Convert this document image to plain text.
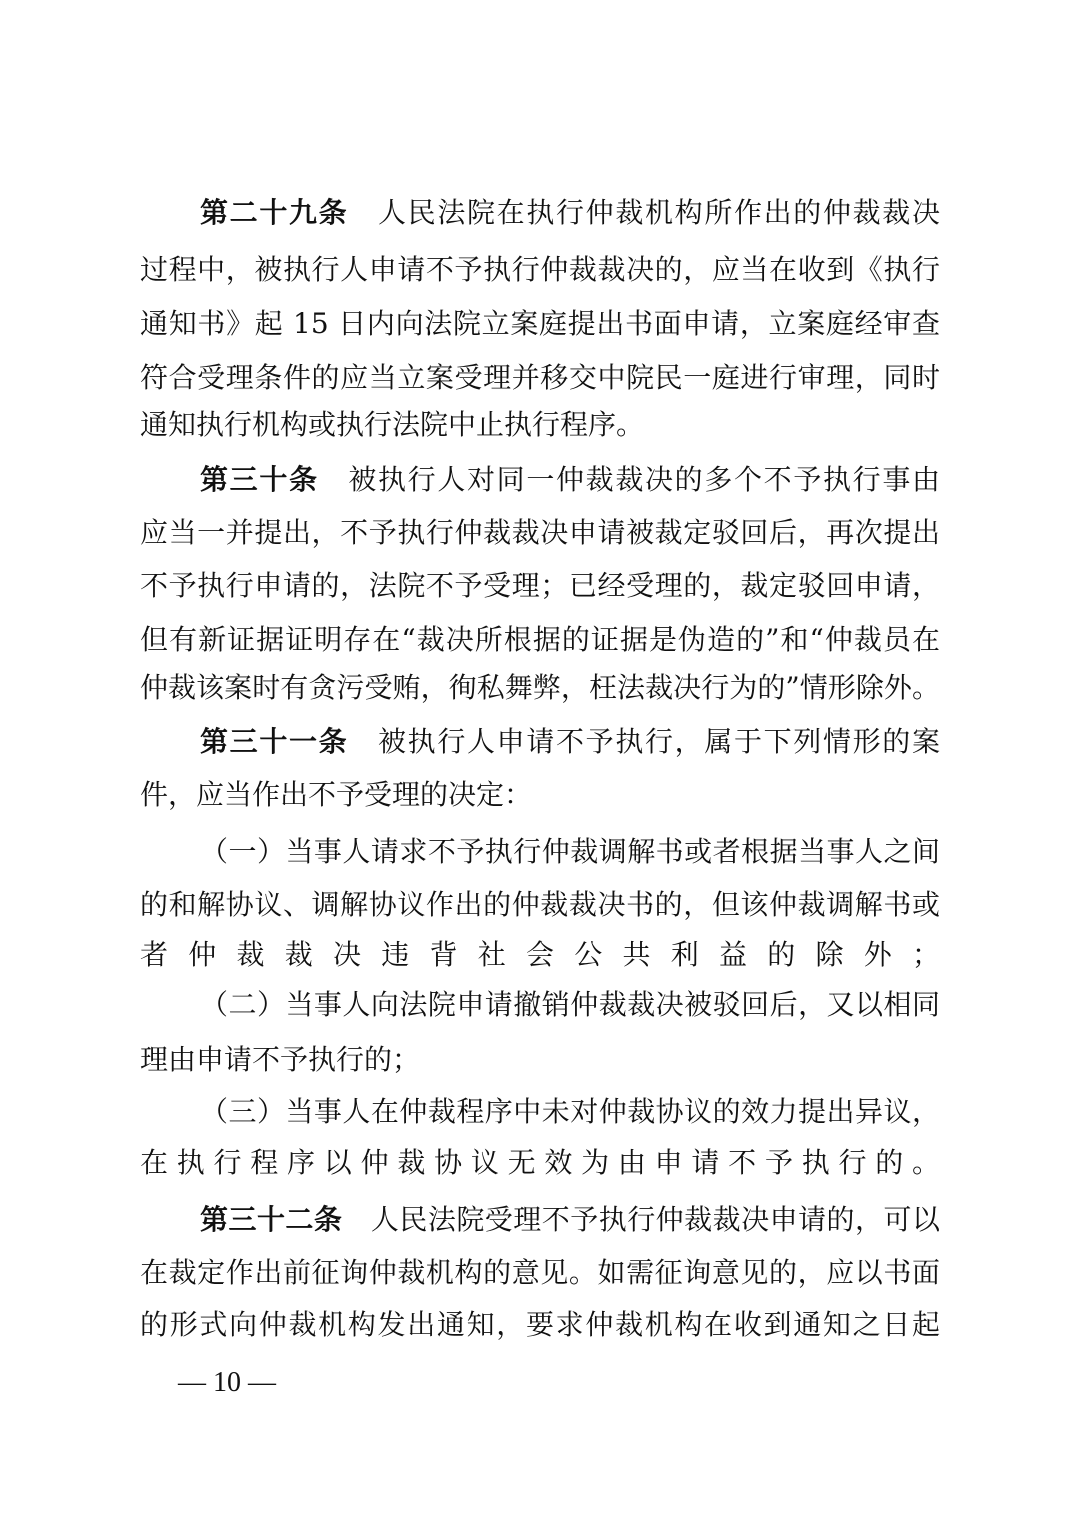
第二十九条　人民法院在执行仲裁机构所作出的仲裁裁决
过程中，被执行人申请不予执行仲裁裁决的，应当在收到《执行
通知书》起 15 日内向法院立案庭提出书面申请，立案庭经审查
符合受理条件的应当立案受理并移交中院民一庭进行审理，同时
通知执行机构或执行法院中止执行程序。
第三十条　被执行人对同一仲裁裁决的多个不予执行事由
应当一并提出，不予执行仲裁裁决申请被裁定驳回后，再次提出
不予执行申请的，法院不予受理；已经受理的，裁定驳回申请，
但有新证据证明存在“裁决所根据的证据是伪造的”和“仲裁员在
仲裁该案时有贪污受贿，徇私舞弊，枉法裁决行为的”情形除外。
第三十一条　被执行人申请不予执行，属于下列情形的案
件，应当作出不予受理的决定：
（一）当事人请求不予执行仲裁调解书或者根据当事人之间
的和解协议、调解协议作出的仲裁裁决书的，但该仲裁调解书或
者仲裁裁决违背社会公共利益的除外；
（二）当事人向法院申请撤销仲裁裁决被驳回后，又以相同
理由申请不予执行的；
（三）当事人在仲裁程序中未对仲裁协议的效力提出异议，
在执行程序以仲裁协议无效为由申请不予执行的。
第三十二条　人民法院受理不予执行仲裁裁决申请的，可以
在裁定作出前征询仲裁机构的意见。如需征询意见的，应以书面
的形式向仲裁机构发出通知，要求仲裁机构在收到通知之日起
— 10 —
